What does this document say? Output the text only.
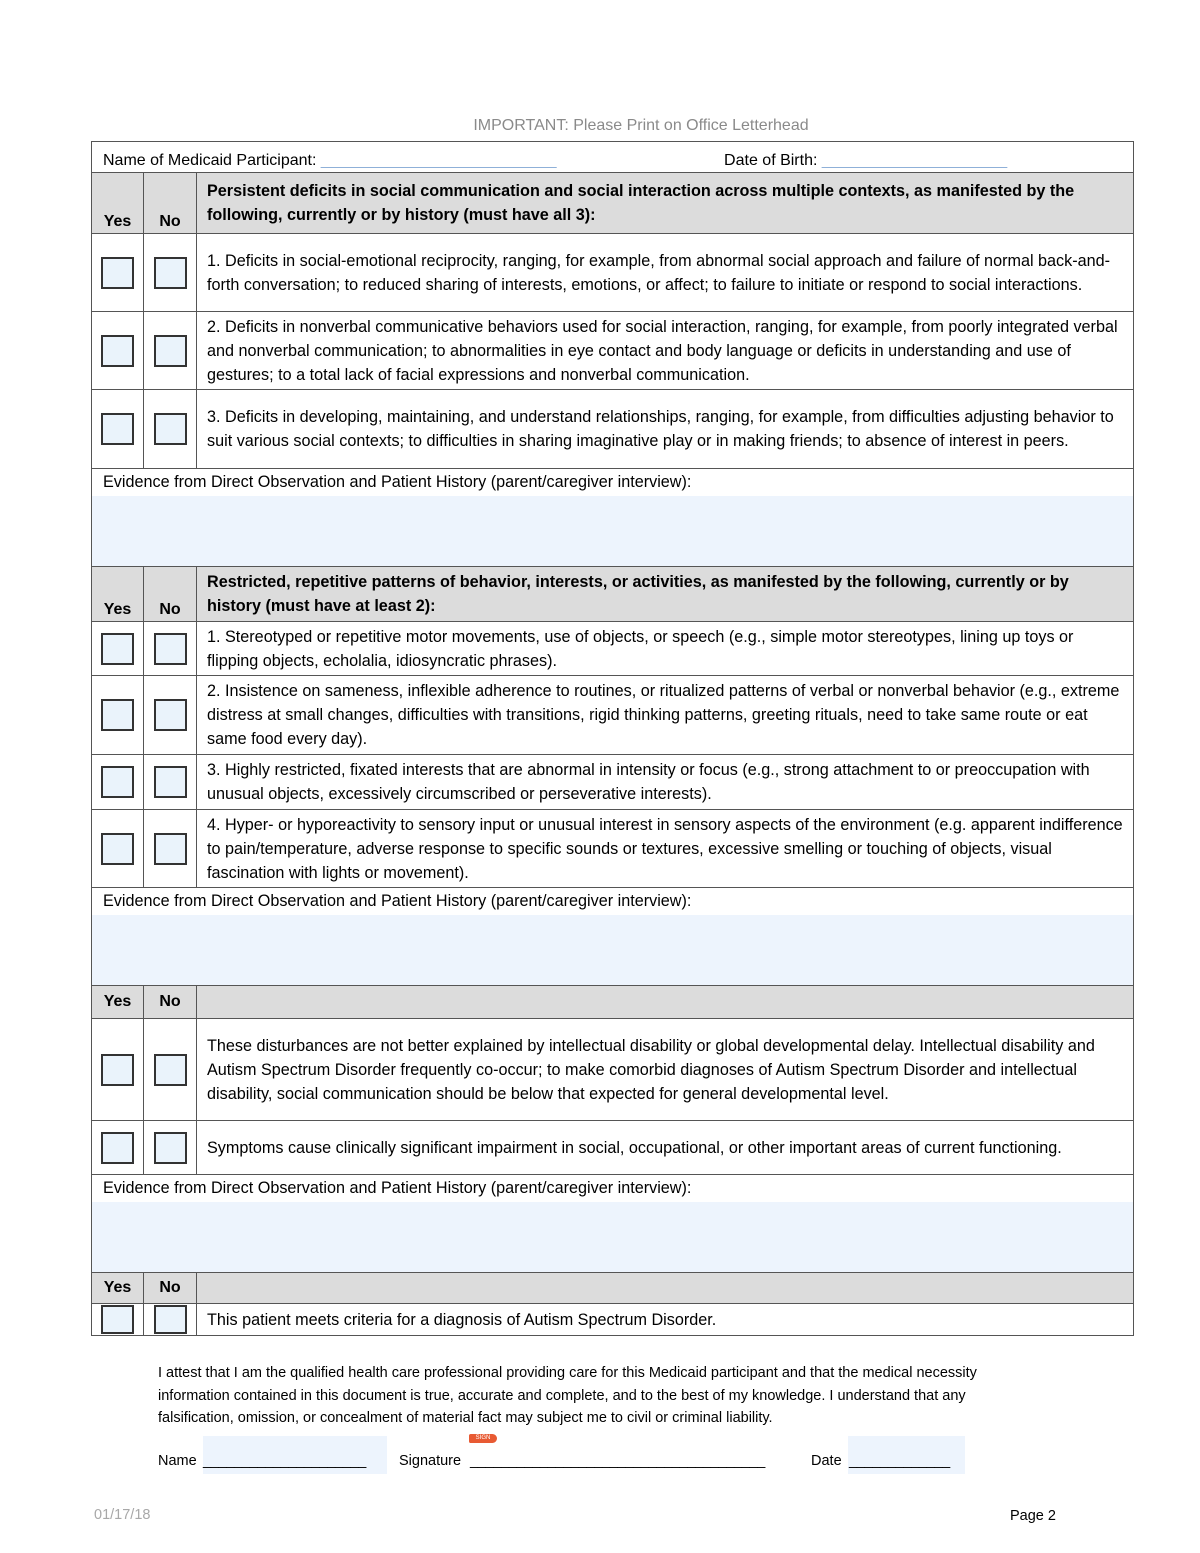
IMPORTANT: Please Print on Office Letterhead
Name of Medicaid Participant:
____________________________	Date of Birth:
______________________
Yes	No
Persistent deficits in social communication and social interaction across multiple contexts, as manifested by the following, currently or by history (must have all 3):
1. Deficits in social-emotional reciprocity, ranging, for example, from abnormal social approach and failure of normal back-and-forth conversation; to reduced sharing of interests, emotions, or affect; to failure to initiate or respond to social interactions.
2. Deficits in nonverbal communicative behaviors used for social interaction, ranging, for example, from poorly integrated verbal and nonverbal communication; to abnormalities in eye contact and body language or deficits in understanding and use of gestures; to a total lack of facial expressions and nonverbal communication.
3. Deficits in developing, maintaining, and understand relationships, ranging, for example, from difficulties adjusting behavior to suit various social contexts; to difficulties in sharing imaginative play or in making friends; to absence of interest in peers.
Evidence from Direct Observation and Patient History (parent/caregiver interview):
Yes	No
Restricted, repetitive patterns of behavior, interests, or activities, as manifested by the following, currently or by history (must have at least 2):
1. Stereotyped or repetitive motor movements, use of objects, or speech (e.g., simple motor stereotypes, lining up toys or flipping objects, echolalia, idiosyncratic phrases).
2. Insistence on sameness, inflexible adherence to routines, or ritualized patterns of verbal or nonverbal behavior (e.g., extreme distress at small changes, difficulties with transitions, rigid thinking patterns, greeting rituals, need to take same route or eat same food every day).
3. Highly restricted, fixated interests that are abnormal in intensity or focus (e.g., strong attachment to or preoccupation with unusual objects, excessively circumscribed or perseverative interests).
4. Hyper- or hyporeactivity to sensory input or unusual interest in sensory aspects of the environment (e.g. apparent indifference to pain/temperature, adverse response to specific sounds or textures, excessive smelling or touching of objects, visual fascination with lights or movement).
Evidence from Direct Observation and Patient History (parent/caregiver interview):
Yes	No
These disturbances are not better explained by intellectual disability or global developmental delay. Intellectual disability and Autism Spectrum Disorder frequently co-occur; to make comorbid diagnoses of Autism Spectrum Disorder and intellectual disability, social communication should be below that expected for general developmental level.
Symptoms cause clinically significant impairment in social, occupational, or other important areas of current functioning.
Evidence from Direct Observation and Patient History (parent/caregiver interview):
Yes	No
This patient meets criteria for a diagnosis of Autism Spectrum Disorder.
I attest that I am the qualified health care professional providing care for this Medicaid participant and that the medical necessity information contained in this document is true, accurate and complete, and to the best of my knowledge. I understand that any falsification, omission, or concealment of material fact may subject me to civil or criminal liability.
SIGN
Name _____________________ Signature ______________________________________	Date _____________
01/17/18	Page 2
